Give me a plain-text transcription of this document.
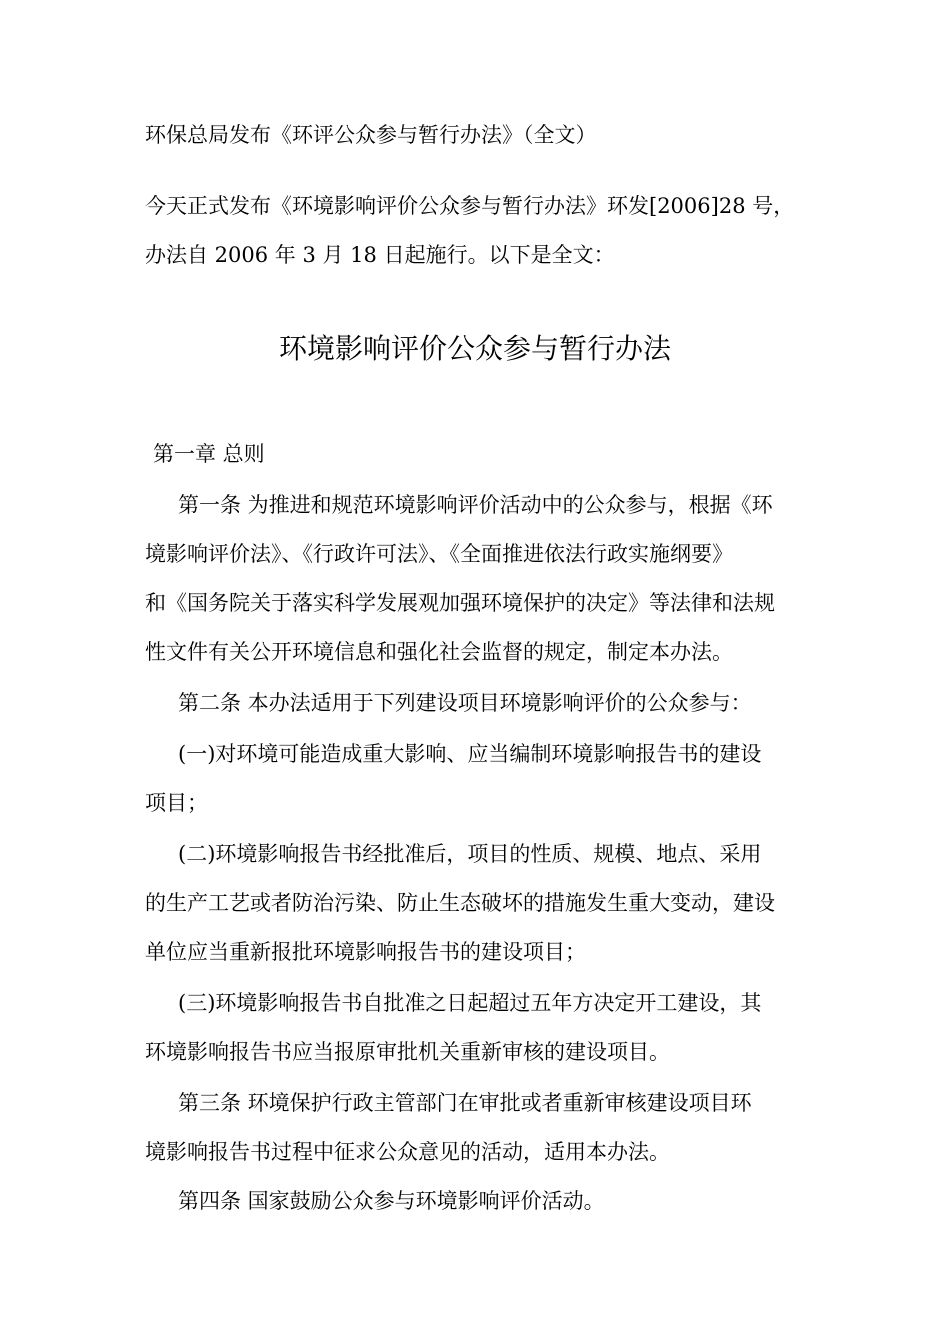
环保总局发布《环评公众参与暂行办法》（全文）
今天正式发布《环境影响评价公众参与暂行办法》环发[2006]28 号，
办法自 2006 年 3 月 18 日起施行。以下是全文：
环境影响评价公众参与暂行办法
第一章 总则
第一条 为推进和规范环境影响评价活动中的公众参与，根据《环
境影响评价法》、《行政许可法》、《全面推进依法行政实施纲要》
和《国务院关于落实科学发展观加强环境保护的决定》等法律和法规
性文件有关公开环境信息和强化社会监督的规定，制定本办法。
第二条 本办法适用于下列建设项目环境影响评价的公众参与：
(一)对环境可能造成重大影响、应当编制环境影响报告书的建设
项目；
(二)环境影响报告书经批准后，项目的性质、规模、地点、采用
的生产工艺或者防治污染、防止生态破坏的措施发生重大变动，建设
单位应当重新报批环境影响报告书的建设项目；
(三)环境影响报告书自批准之日起超过五年方决定开工建设，其
环境影响报告书应当报原审批机关重新审核的建设项目。
第三条 环境保护行政主管部门在审批或者重新审核建设项目环
境影响报告书过程中征求公众意见的活动，适用本办法。
第四条 国家鼓励公众参与环境影响评价活动。
